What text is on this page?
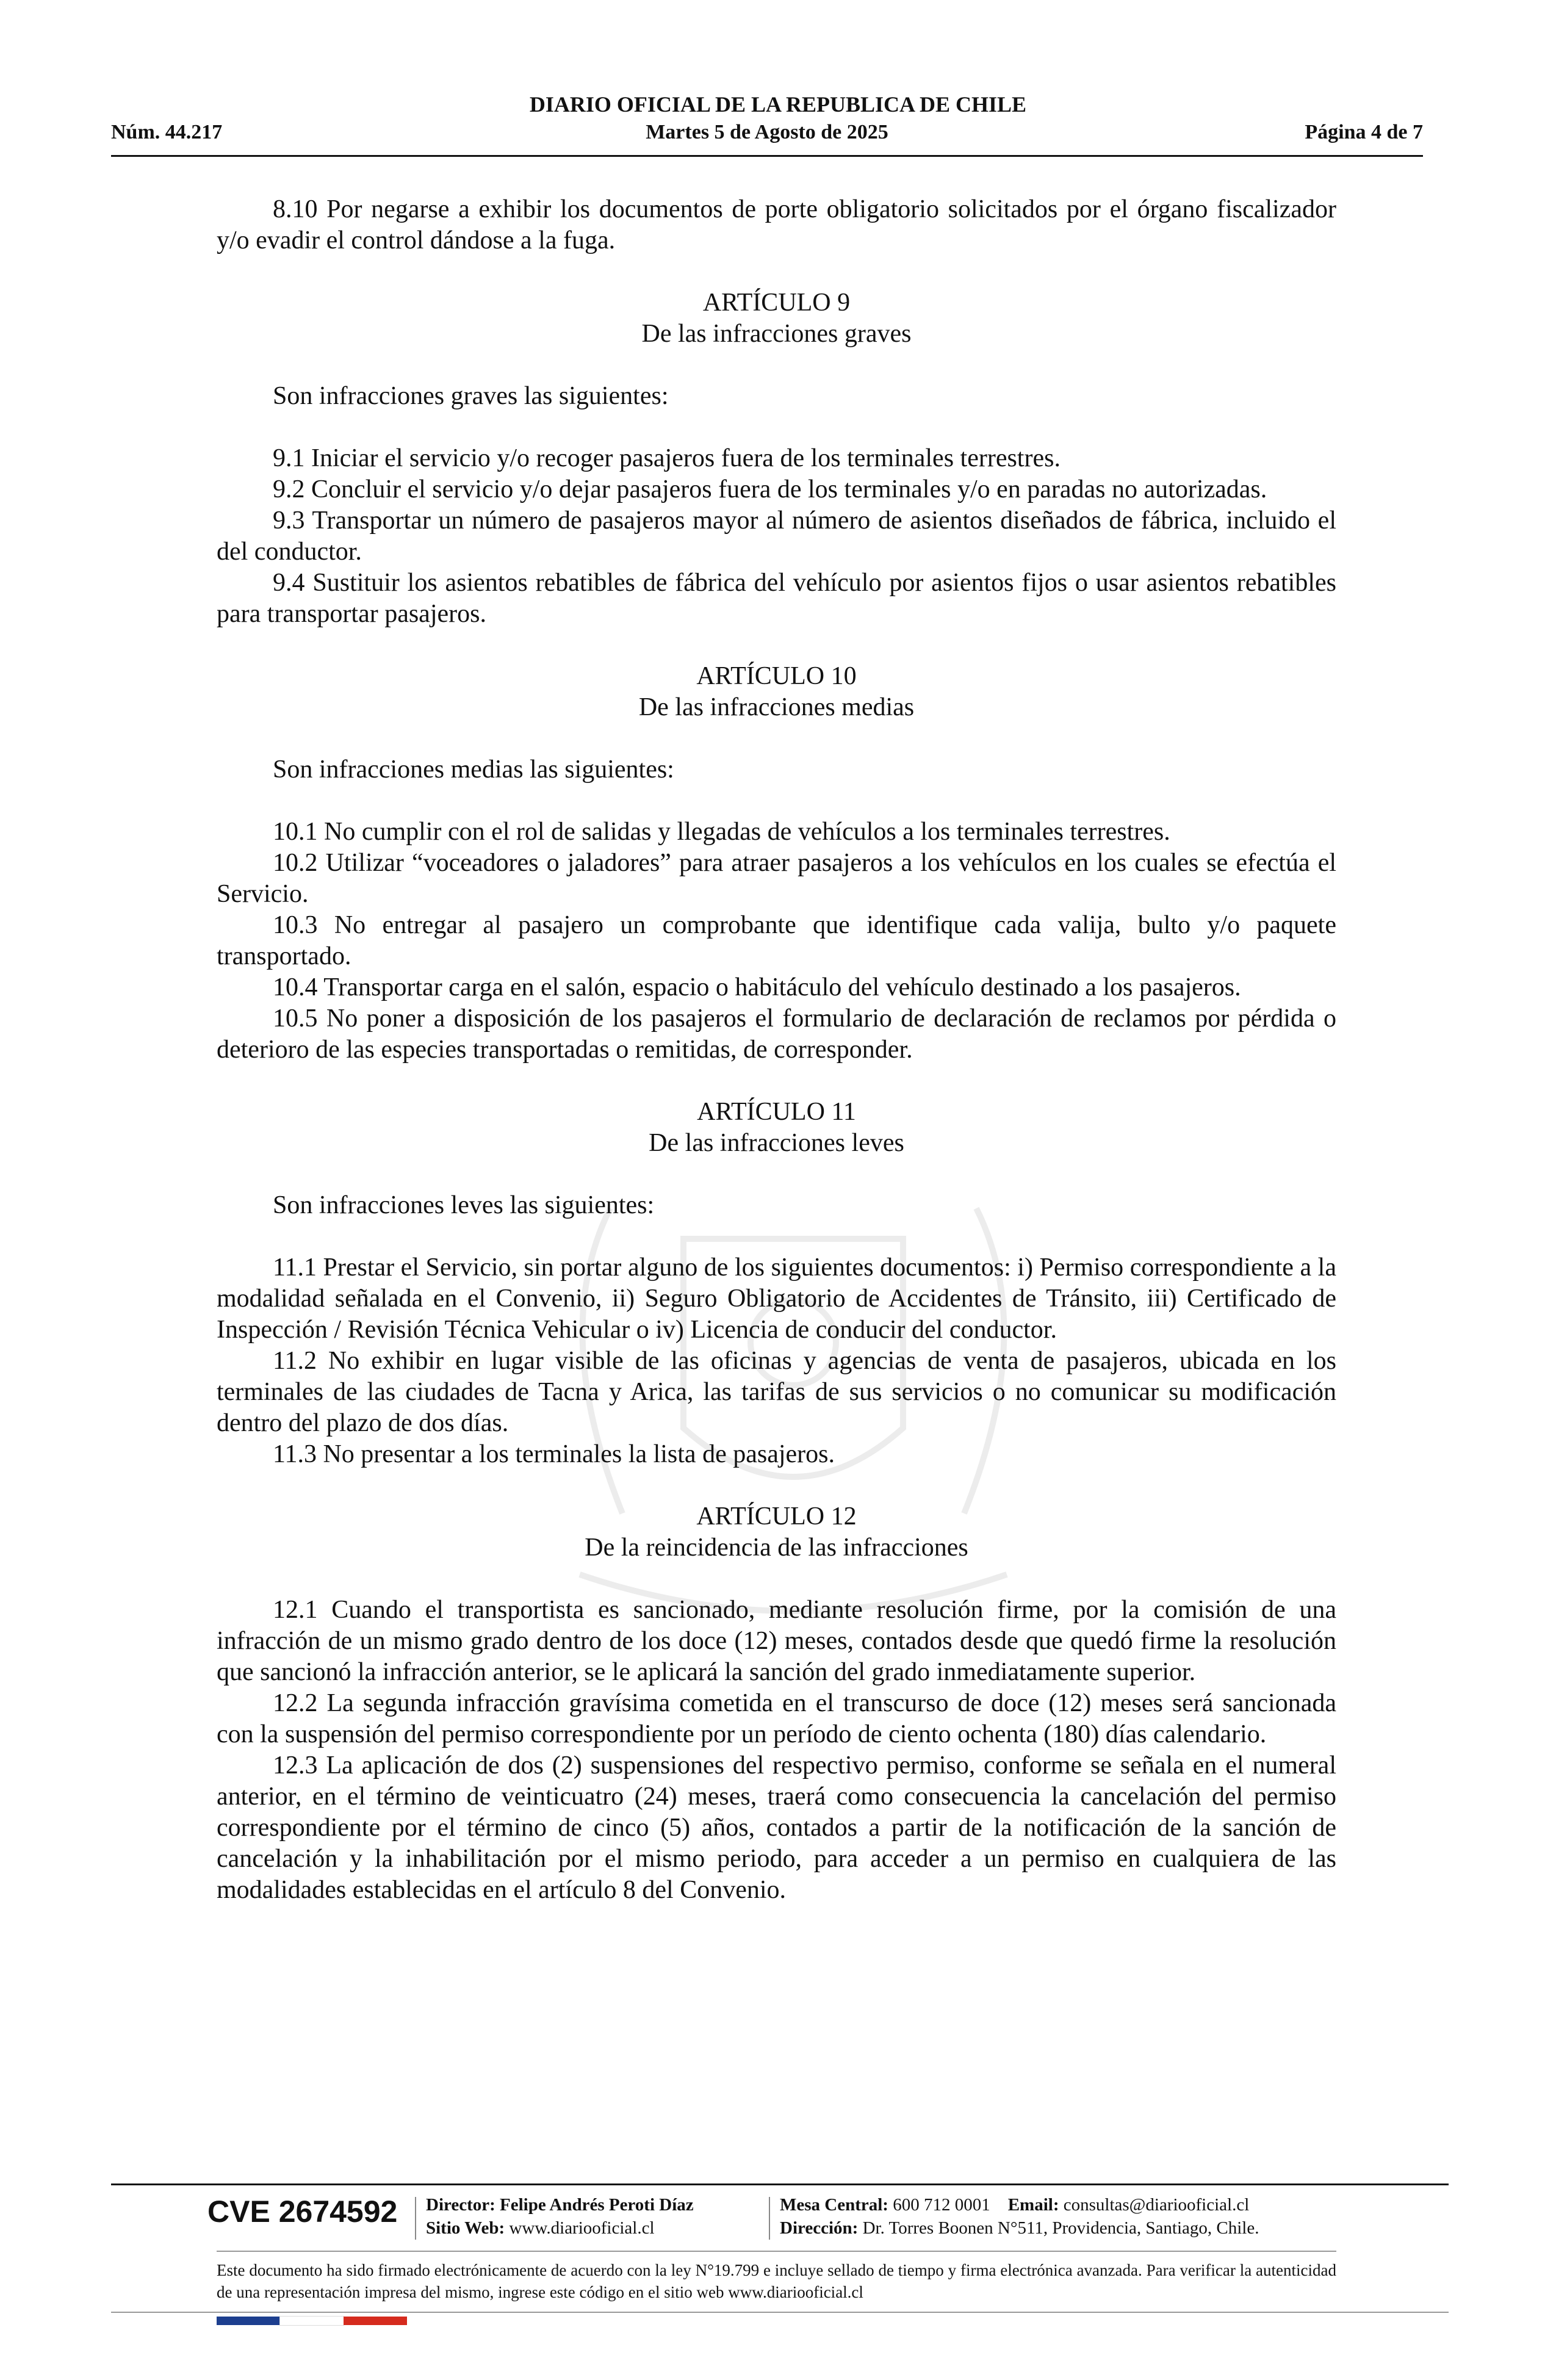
DIARIO OFICIAL DE LA REPUBLICA DE CHILE
Núm. 44.217	Martes 5 de Agosto de 2025	Página 4 de 7

8.10 Por negarse a exhibir los documentos de porte obligatorio solicitados por el órgano fiscalizador y/o evadir el control dándose a la fuga.

ARTÍCULO 9
De las infracciones graves

Son infracciones graves las siguientes:

9.1 Iniciar el servicio y/o recoger pasajeros fuera de los terminales terrestres.

9.2 Concluir el servicio y/o dejar pasajeros fuera de los terminales y/o en paradas no autorizadas.

9.3 Transportar un número de pasajeros mayor al número de asientos diseñados de fábrica, incluido el del conductor.

9.4 Sustituir los asientos rebatibles de fábrica del vehículo por asientos fijos o usar asientos rebatibles para transportar pasajeros.

ARTÍCULO 10
De las infracciones medias

Son infracciones medias las siguientes:

10.1 No cumplir con el rol de salidas y llegadas de vehículos a los terminales terrestres.

10.2 Utilizar “voceadores o jaladores” para atraer pasajeros a los vehículos en los cuales se efectúa el Servicio.

10.3 No entregar al pasajero un comprobante que identifique cada valija, bulto y/o paquete transportado.

10.4 Transportar carga en el salón, espacio o habitáculo del vehículo destinado a los pasajeros.

10.5 No poner a disposición de los pasajeros el formulario de declaración de reclamos por pérdida o deterioro de las especies transportadas o remitidas, de corresponder.

ARTÍCULO 11
De las infracciones leves

Son infracciones leves las siguientes:

11.1 Prestar el Servicio, sin portar alguno de los siguientes documentos: i) Permiso correspondiente a la modalidad señalada en el Convenio, ii) Seguro Obligatorio de Accidentes de Tránsito, iii) Certificado de Inspección / Revisión Técnica Vehicular o iv) Licencia de conducir del conductor.

11.2 No exhibir en lugar visible de las oficinas y agencias de venta de pasajeros, ubicada en los terminales de las ciudades de Tacna y Arica, las tarifas de sus servicios o no comunicar su modificación dentro del plazo de dos días.

11.3 No presentar a los terminales la lista de pasajeros.

ARTÍCULO 12
De la reincidencia de las infracciones

12.1 Cuando el transportista es sancionado, mediante resolución firme, por la comisión de una infracción de un mismo grado dentro de los doce (12) meses, contados desde que quedó firme la resolución que sancionó la infracción anterior, se le aplicará la sanción del grado inmediatamente superior.

12.2 La segunda infracción gravísima cometida en el transcurso de doce (12) meses será sancionada con la suspensión del permiso correspondiente por un período de ciento ochenta (180) días calendario.

12.3 La aplicación de dos (2) suspensiones del respectivo permiso, conforme se señala en el numeral anterior, en el término de veinticuatro (24) meses, traerá como consecuencia la cancelación del permiso correspondiente por el término de cinco (5) años, contados a partir de la notificación de la sanción de cancelación y la inhabilitación por el mismo periodo, para acceder a un permiso en cualquiera de las modalidades establecidas en el artículo 8 del Convenio.

CVE 2674592 Director: Felipe Andrés Peroti Díaz
Sitio Web: www.diariooficial.cl
Mesa Central: 600 712 0001 Email: consultas@diariooficial.cl
Dirección: Dr. Torres Boonen N°511, Providencia, Santiago, Chile.
Este documento ha sido firmado electrónicamente de acuerdo con la ley N°19.799 e incluye sellado de tiempo y firma electrónica avanzada. Para verificar la autenticidad de una representación impresa del mismo, ingrese este código en el sitio web www.diariooficial.cl
